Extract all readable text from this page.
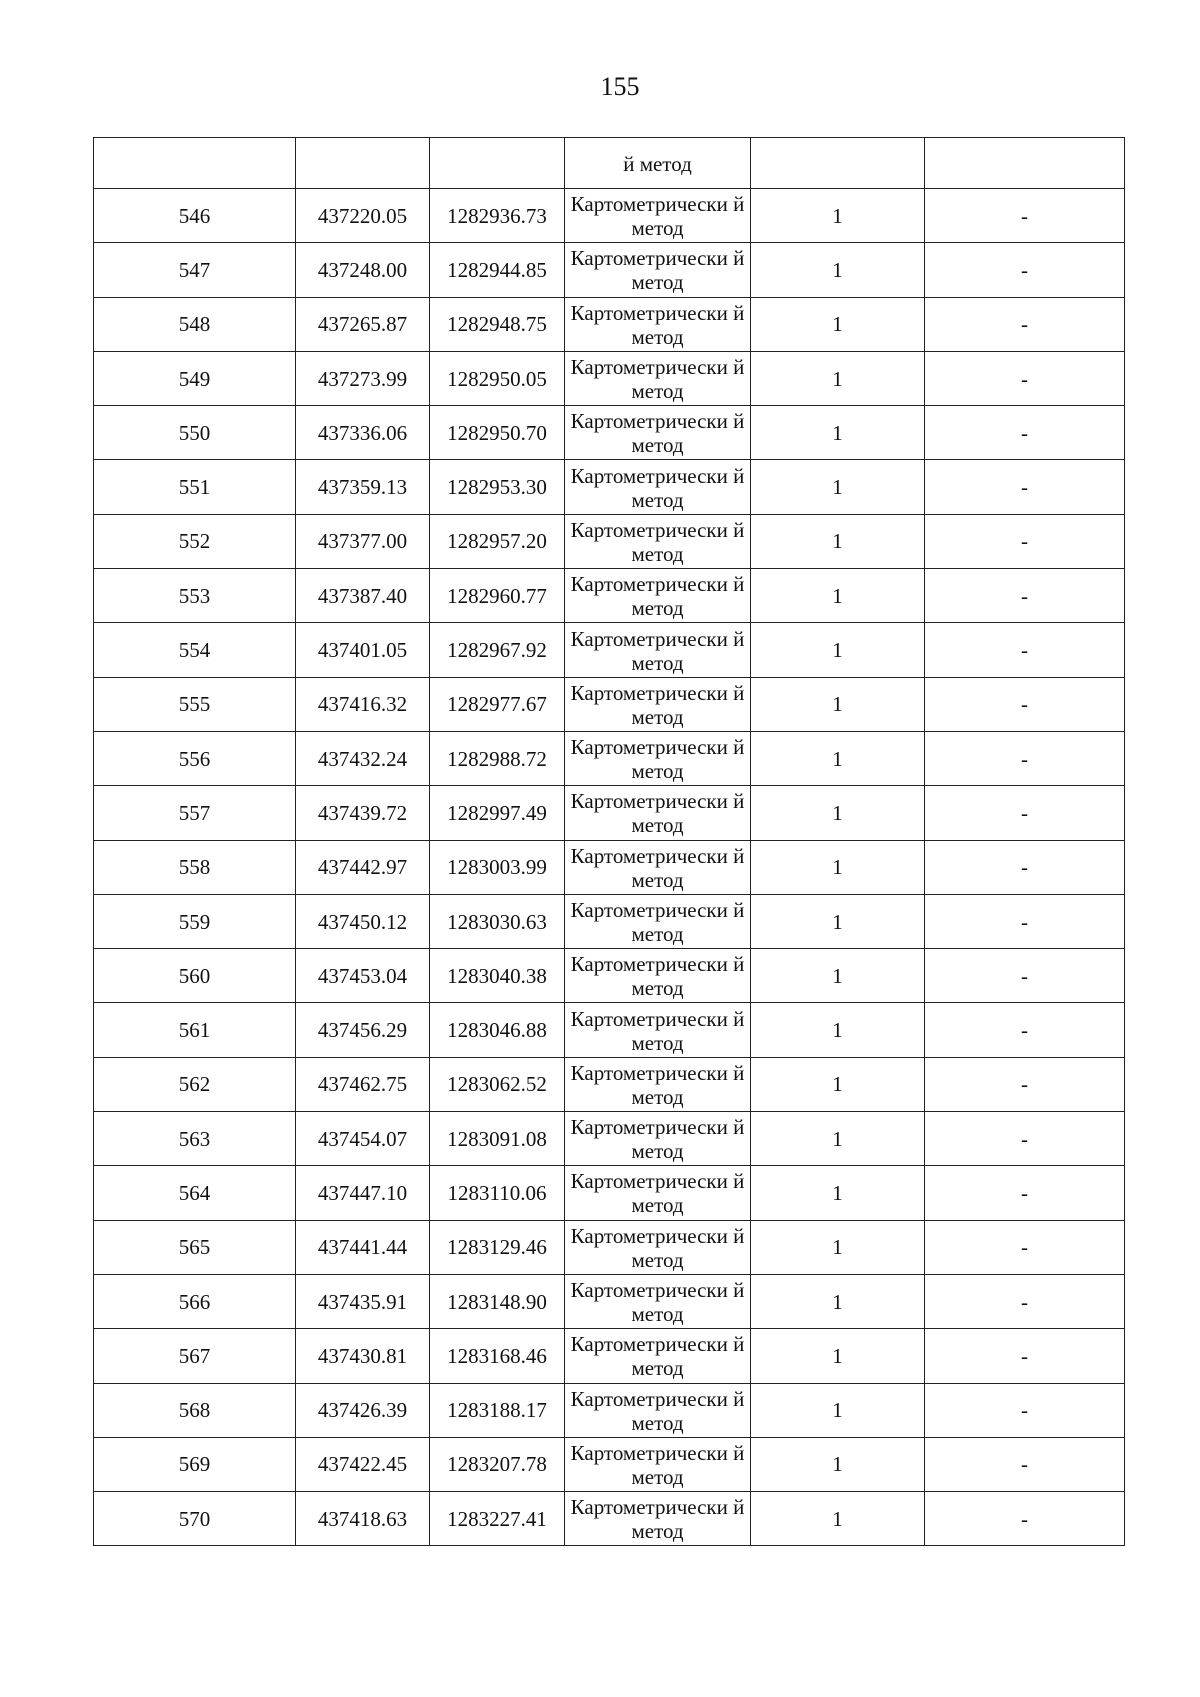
155

			й метод		

546	437220.05	1282936.73	Картометрически й метод	1	-
547	437248.00	1282944.85	Картометрически й метод	1	-
548	437265.87	1282948.75	Картометрически й метод	1	-
549	437273.99	1282950.05	Картометрически й метод	1	-
550	437336.06	1282950.70	Картометрически й метод	1	-
551	437359.13	1282953.30	Картометрически й метод	1	-
552	437377.00	1282957.20	Картометрически й метод	1	-
553	437387.40	1282960.77	Картометрически й метод	1	-
554	437401.05	1282967.92	Картометрически й метод	1	-
555	437416.32	1282977.67	Картометрически й метод	1	-
556	437432.24	1282988.72	Картометрически й метод	1	-
557	437439.72	1282997.49	Картометрически й метод	1	-
558	437442.97	1283003.99	Картометрически й метод	1	-
559	437450.12	1283030.63	Картометрически й метод	1	-
560	437453.04	1283040.38	Картометрически й метод	1	-
561	437456.29	1283046.88	Картометрически й метод	1	-
562	437462.75	1283062.52	Картометрически й метод	1	-
563	437454.07	1283091.08	Картометрически й метод	1	-
564	437447.10	1283110.06	Картометрически й метод	1	-
565	437441.44	1283129.46	Картометрически й метод	1	-
566	437435.91	1283148.90	Картометрически й метод	1	-
567	437430.81	1283168.46	Картометрически й метод	1	-
568	437426.39	1283188.17	Картометрически й метод	1	-
569	437422.45	1283207.78	Картометрически й метод	1	-
570	437418.63	1283227.41	Картометрически й метод	1	-
